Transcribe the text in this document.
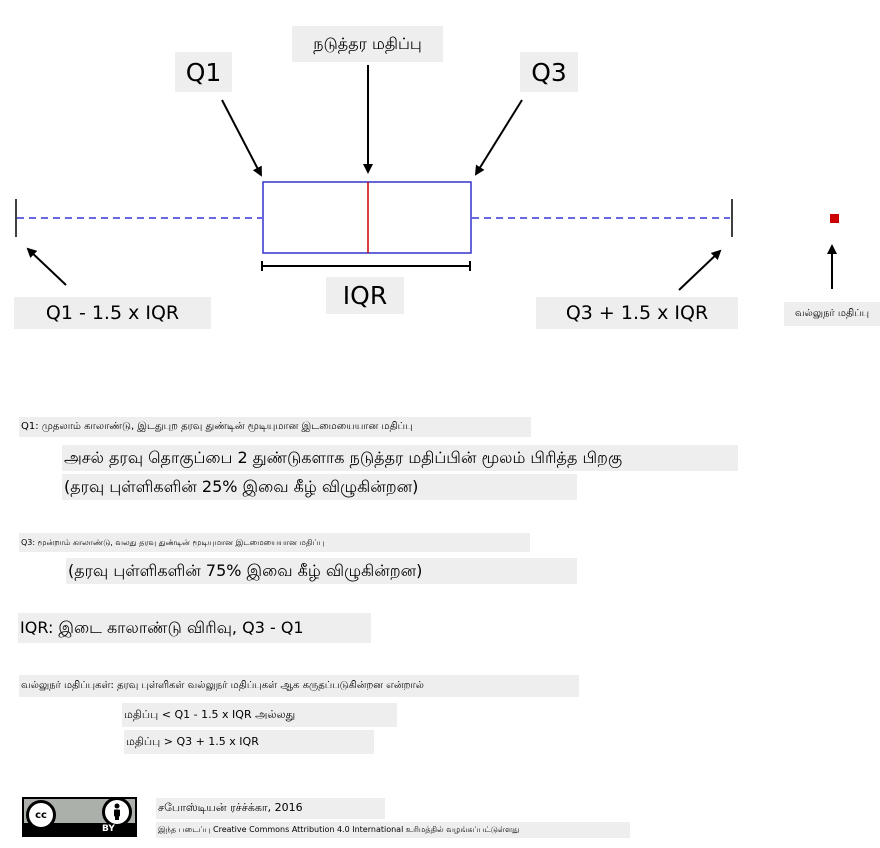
நடுத்தர மதிப்பு
Q1	Q3
IQR
Q1 - 1.5 x IQR	Q3 + 1.5 x IQR	வல்லுநர் மதிப்பு
Q1: முதலாம் காலாண்டு, இடதுபுற தரவு துண்டின் மூடியுமான இடமையையான மதிப்பு
அசல் தரவு தொகுப்பை 2 துண்டுகளாக நடுத்தர மதிப்பின் மூலம் பிரித்த பிறகு
(தரவு புள்ளிகளின் 25% இவை கீழ் விழுகின்றன)
Q3: மூன்றாம் காலாண்டு, வலது தரவு துண்டின் மூடியுமான இடமையையான மதிப்பு
(தரவு புள்ளிகளின் 75% இவை கீழ் விழுகின்றன)
IQR: இடை காலாண்டு விரிவு, Q3 - Q1
வல்லுநர் மதிப்புகள்: தரவு புள்ளிகள் வல்லுநர் மதிப்புகள் ஆக கருதப்படுகின்றன என்றால்
மதிப்பு < Q1 - 1.5 x IQR அல்லது
மதிப்பு > Q3 + 1.5 x IQR
cc
BY
சபோஸ்டியன் ரச்ச்க்கா, 2016
இந்த படைப்பு Creative Commons Attribution 4.0 International உரிமத்தில் வழங்கப்பட்டுள்ளது
